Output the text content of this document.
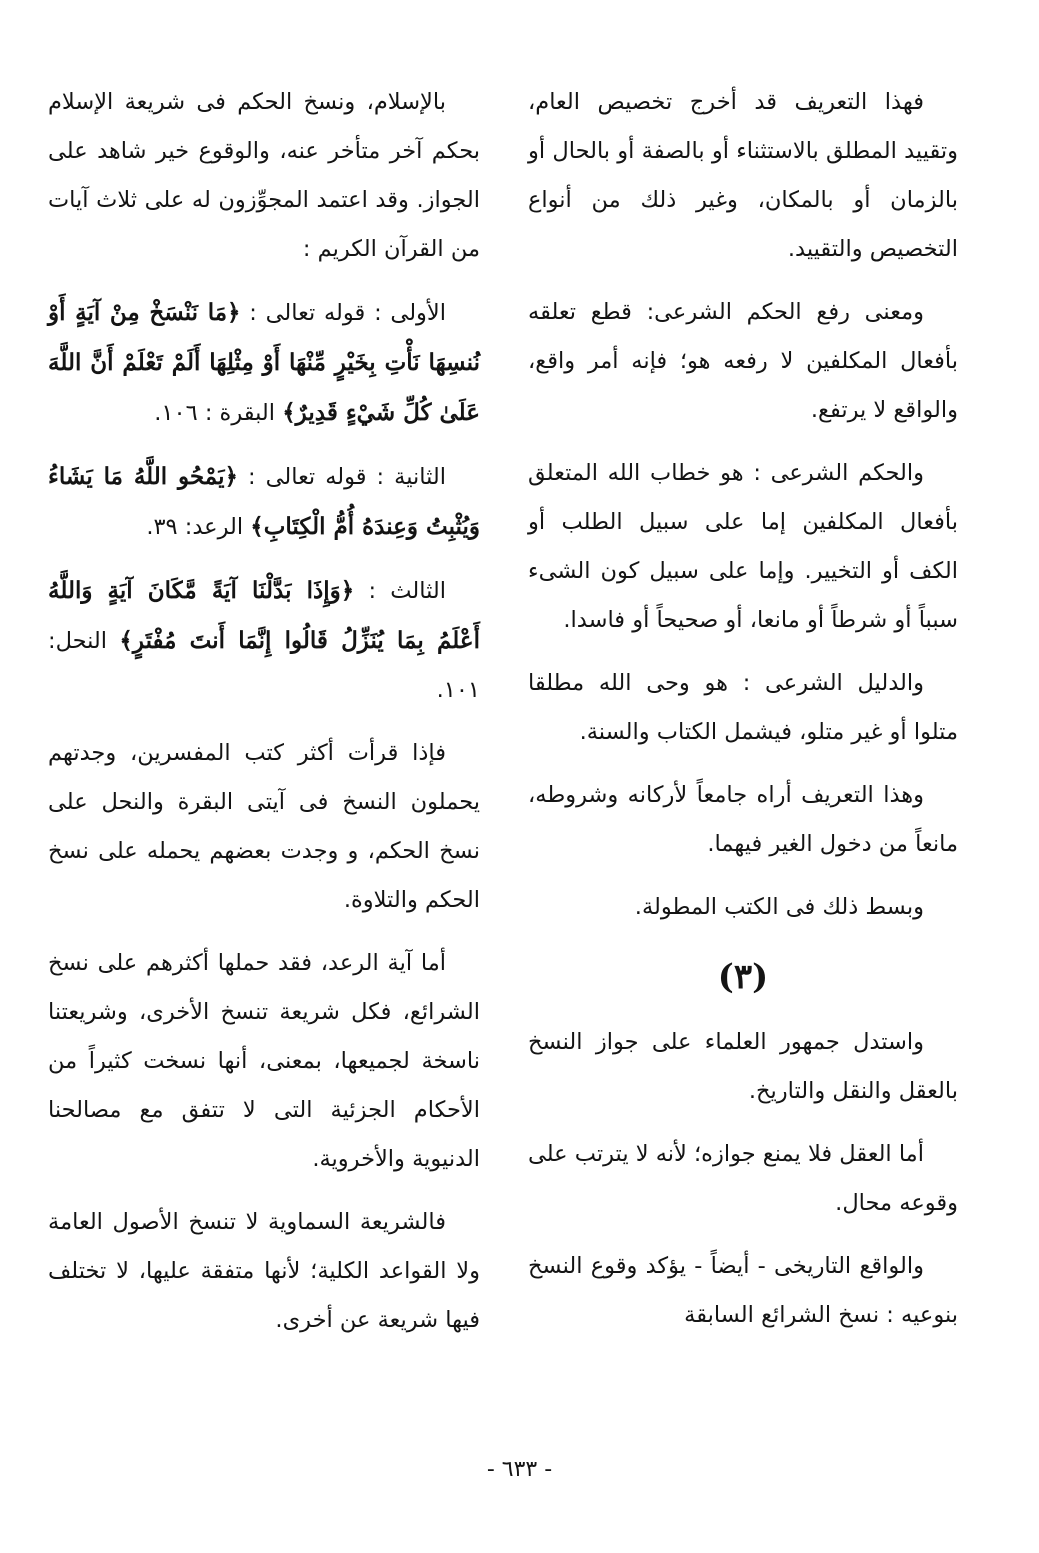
فهذا التعريف قد أخرج تخصيص العام، وتقييد المطلق بالاستثناء أو بالصفة أو بالحال أو بالزمان أو بالمكان، وغير ذلك من أنواع التخصيص والتقييد.

ومعنى رفع الحكم الشرعى: قطع تعلقه بأفعال المكلفين لا رفعه هو؛ فإنه أمر واقع، والواقع لا يرتفع.

والحكم الشرعى : هو خطاب الله المتعلق بأفعال المكلفين إما على سبيل الطلب أو الكف أو التخيير. وإما على سبيل كون الشىء سبباً أو شرطاً أو مانعا، أو صحيحاً أو فاسدا.

والدليل الشرعى : هو وحى الله مطلقا متلوا أو غير متلو، فيشمل الكتاب والسنة.

وهذا التعريف أراه جامعاً لأركانه وشروطه، مانعاً من دخول الغير فيهما.

وبسط ذلك فى الكتب المطولة.

(٣)

واستدل جمهور العلماء على جواز النسخ بالعقل والنقل والتاريخ.

أما العقل فلا يمنع جوازه؛ لأنه لا يترتب على وقوعه محال.

والواقع التاريخى - أيضاً - يؤكد وقوع النسخ بنوعيه : نسخ الشرائع السابقة

بالإسلام، ونسخ الحكم فى شريعة الإسلام بحكم آخر متأخر عنه، والوقوع خير شاهد على الجواز. وقد اعتمد المجوِّزون له على ثلاث آيات من القرآن الكريم :

الأولى : قوله تعالى : ﴿مَا نَنْسَخْ مِنْ آيَةٍ أَوْ نُنسِهَا نَأْتِ بِخَيْرٍ مِّنْهَا أَوْ مِثْلِهَا أَلَمْ تَعْلَمْ أَنَّ اللَّهَ عَلَىٰ كُلِّ شَيْءٍ قَدِيرٌ﴾ البقرة : ١٠٦.

الثانية : قوله تعالى : ﴿يَمْحُو اللَّهُ مَا يَشَاءُ وَيُثْبِتُ وَعِندَهُ أُمُّ الْكِتَابِ﴾ الرعد: ٣٩.

الثالث : ﴿وَإِذَا بَدَّلْنَا آيَةً مَّكَانَ آيَةٍ وَاللَّهُ أَعْلَمُ بِمَا يُنَزِّلُ قَالُوا إِنَّمَا أَنتَ مُفْتَرٍ﴾ النحل: ١٠١.

فإذا قرأت أكثر كتب المفسرين، وجدتهم يحملون النسخ فى آيتى البقرة والنحل على نسخ الحكم، و وجدت بعضهم يحمله على نسخ الحكم والتلاوة.

أما آية الرعد، فقد حملها أكثرهم على نسخ الشرائع، فكل شريعة تنسخ الأخرى، وشريعتنا ناسخة لجميعها، بمعنى، أنها نسخت كثيراً من الأحكام الجزئية التى لا تتفق مع مصالحنا الدنيوية والأخروية.

فالشريعة السماوية لا تنسخ الأصول العامة ولا القواعد الكلية؛ لأنها متفقة عليها، لا تختلف فيها شريعة عن أخرى.

- ٦٣٣ -
